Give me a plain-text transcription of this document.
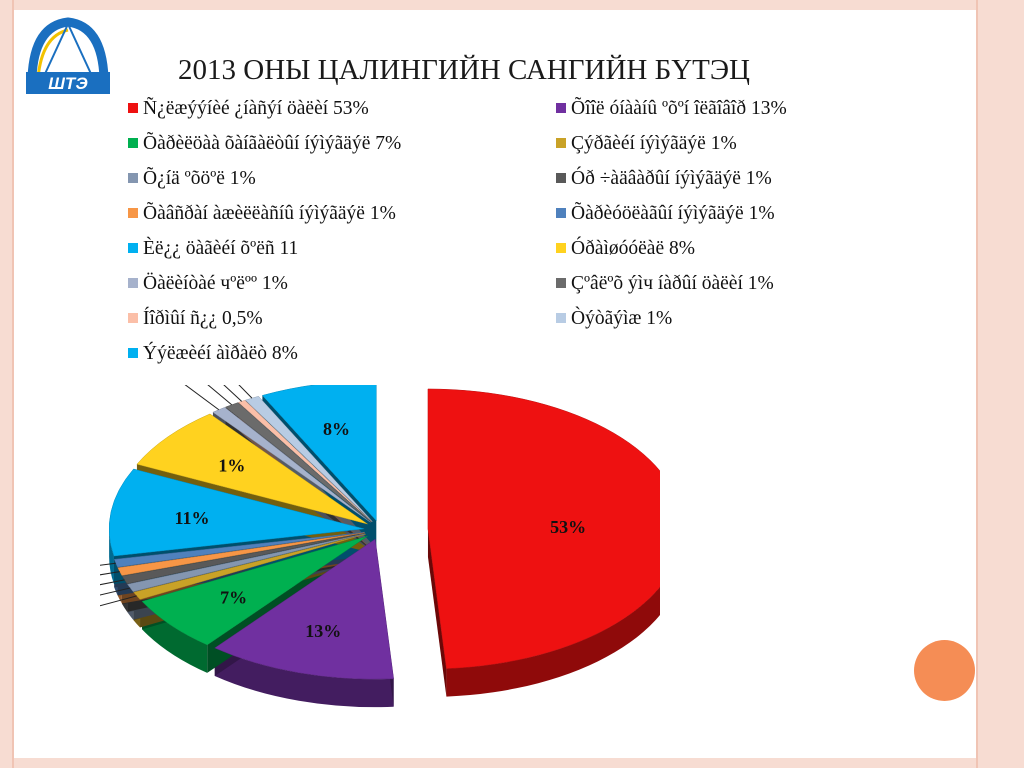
ШТЭ	2013 ОНЫ ЦАЛИНГИЙН САНГИЙН БҮТЭЦ
Ñ¿ëæýýíèé ¿íàñýí öàëèí 53%	Õîîë óíààíû ºõºí îëãîâîð 13%
Õàðèëöàà õàíãàëòûí íýìýãäýë 7%	Çýðãèéí íýìýãäýë 1%
Õ¿íä ºõöºë 1%	Óð ÷àäâàðûí íýìýãäýë 1%
Õàâñðàí àæèëëàñíû íýìýãäýë 1%	Õàðèóöëàãûí íýìýãäýë 1%
Èë¿¿ öàãèéí õºëñ 11	Óðàìøóóëàë 8%
Öàëèíòàé чºëºº 1%	Çºâëºõ ýìч íàðûí öàëèí 1%
Íîðìûí ñ¿¿ 0,5%	Òýòãýìæ 1%
Ýýëæèéí àìðàëò 8%
53%
13%
7%
11%
1%
8%
